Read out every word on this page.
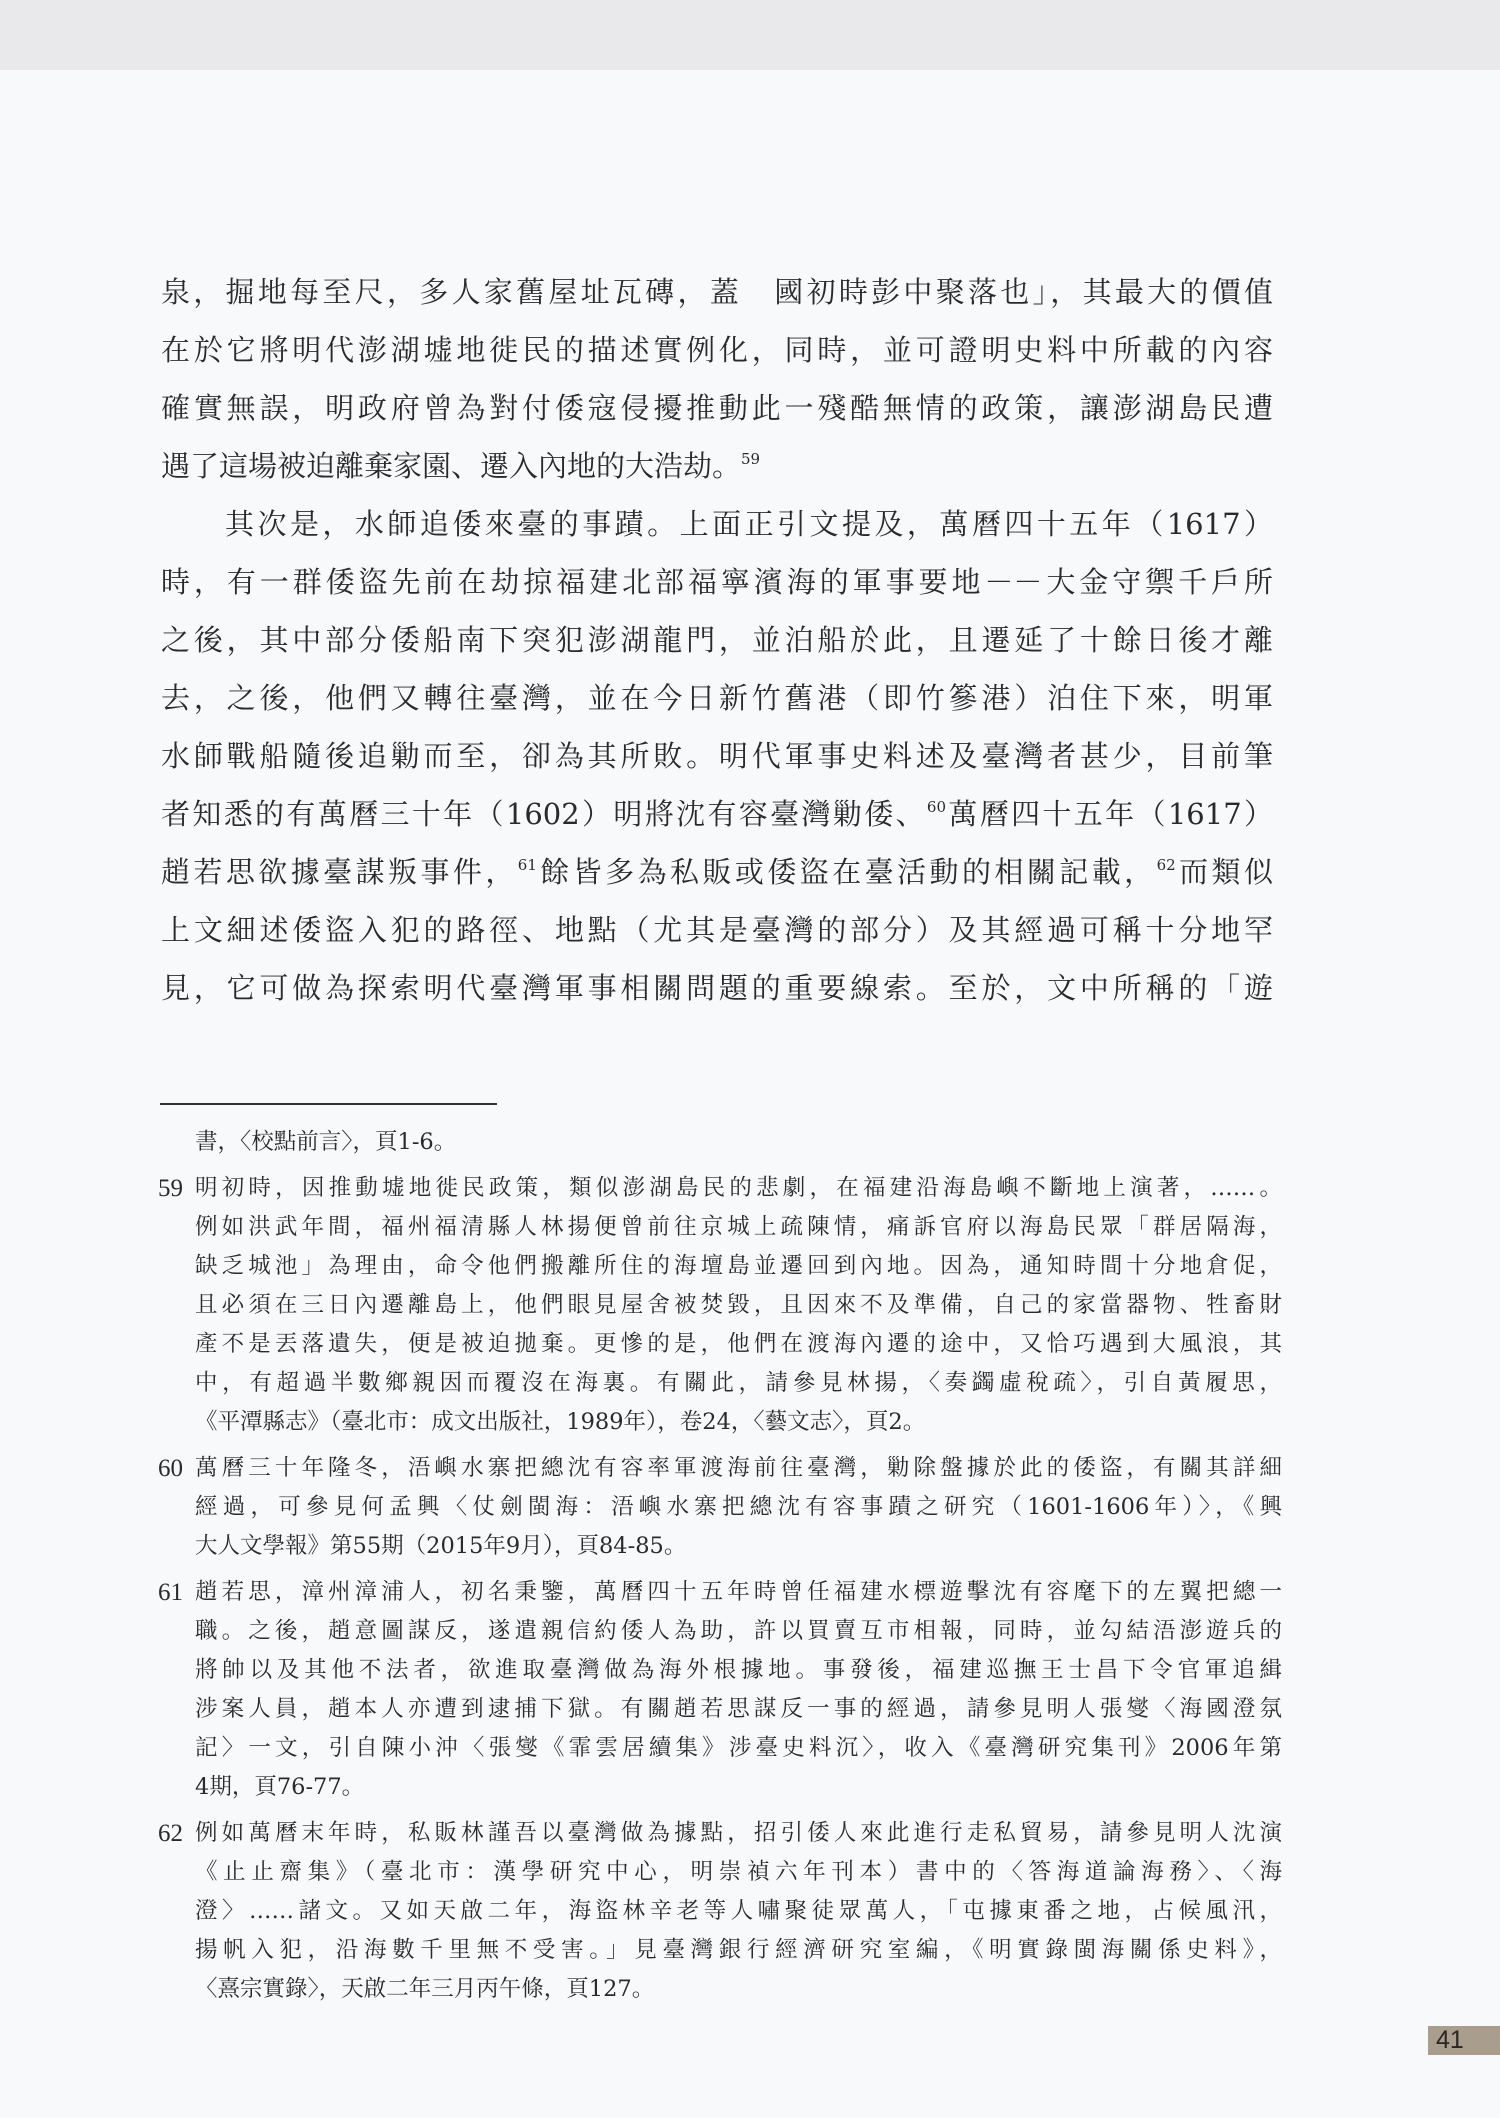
泉，掘地每至尺，多人家舊屋址瓦磚，蓋　國初時彭中聚落也」，其最大的價值
在於它將明代澎湖墟地徙民的描述實例化，同時，並可證明史料中所載的內容
確實無誤，明政府曾為對付倭寇侵擾推動此一殘酷無情的政策，讓澎湖島民遭
遇了這場被迫離棄家園、遷入內地的大浩劫。$^{59}$
其次是，水師追倭來臺的事蹟。上面正引文提及，萬曆四十五年（1617）
時，有一群倭盜先前在劫掠福建北部福寧濱海的軍事要地－－大金守禦千戶所
之後，其中部分倭船南下突犯澎湖龍門，並泊船於此，且遷延了十餘日後才離
去，之後，他們又轉往臺灣，並在今日新竹舊港（即竹篸港）泊住下來，明軍
水師戰船隨後追勦而至，卻為其所敗。明代軍事史料述及臺灣者甚少，目前筆
者知悉的有萬曆三十年（1602）明將沈有容臺灣勦倭、$^{60}$萬曆四十五年（1617）
趙若思欲據臺謀叛事件，$^{61}$餘皆多為私販或倭盜在臺活動的相關記載，$^{62}$而類似
上文細述倭盜入犯的路徑、地點（尤其是臺灣的部分）及其經過可稱十分地罕
見，它可做為探索明代臺灣軍事相關問題的重要線索。至於，文中所稱的「遊
書，〈校點前言〉，頁1-6。
59 明初時，因推動墟地徙民政策，類似澎湖島民的悲劇，在福建沿海島嶼不斷地上演著，……。
例如洪武年間，福州福清縣人林揚便曾前往京城上疏陳情，痛訴官府以海島民眾「群居隔海，
缺乏城池」為理由，命令他們搬離所住的海壇島並遷回到內地。因為，通知時間十分地倉促，
且必須在三日內遷離島上，他們眼見屋舍被焚毀，且因來不及準備，自己的家當器物、牲畜財
產不是丟落遺失，便是被迫拋棄。更慘的是，他們在渡海內遷的途中，又恰巧遇到大風浪，其
中，有超過半數鄉親因而覆沒在海裏。有關此，請參見林揚，〈奏蠲虛稅疏〉，引自黃履思，
《平潭縣志》（臺北市：成文出版社，1989年），卷24，〈藝文志〉，頁2。
60 萬曆三十年隆冬，浯嶼水寨把總沈有容率軍渡海前往臺灣，勦除盤據於此的倭盜，有關其詳細
經過，可參見何孟興〈仗劍閩海：浯嶼水寨把總沈有容事蹟之研究（1601-1606年）〉，《興
大人文學報》第55期（2015年9月），頁84-85。
61 趙若思，漳州漳浦人，初名秉鑒，萬曆四十五年時曾任福建水標遊擊沈有容麾下的左翼把總一
職。之後，趙意圖謀反，遂遣親信約倭人為助，許以買賣互市相報，同時，並勾結浯澎遊兵的
將帥以及其他不法者，欲進取臺灣做為海外根據地。事發後，福建巡撫王士昌下令官軍追緝
涉案人員，趙本人亦遭到逮捕下獄。有關趙若思謀反一事的經過，請參見明人張燮〈海國澄氛
記〉一文，引自陳小沖〈張燮《霏雲居續集》涉臺史料沉〉，收入《臺灣研究集刊》2006年第
4期，頁76-77。
62 例如萬曆末年時，私販林謹吾以臺灣做為據點，招引倭人來此進行走私貿易，請參見明人沈演
《止止齋集》（臺北市：漢學研究中心，明崇禎六年刊本）書中的〈答海道論海務〉、〈海
澄〉……諸文。又如天啟二年，海盜林辛老等人嘯聚徒眾萬人，「屯據東番之地，占候風汛，
揚帆入犯，沿海數千里無不受害。」見臺灣銀行經濟研究室編，《明實錄閩海關係史料》，
〈熹宗實錄〉，天啟二年三月丙午條，頁127。
41
